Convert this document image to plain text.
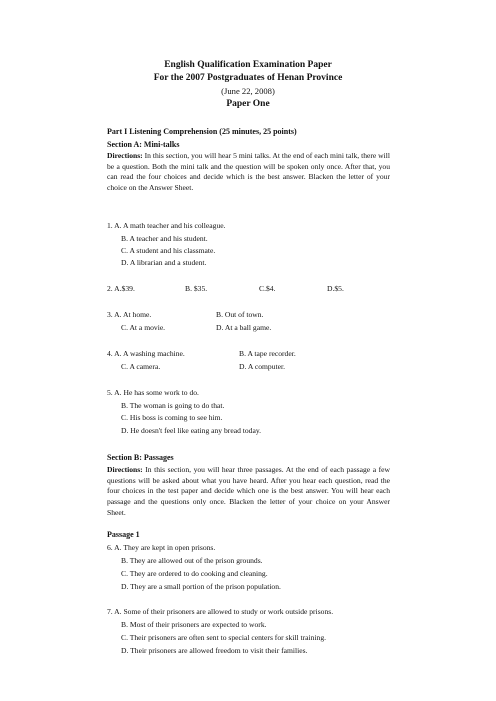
English Qualification Examination Paper
For the 2007 Postgraduates of Henan Province
(June 22, 2008)
Paper One
Part I Listening Comprehension (25 minutes, 25 points)
Section A: Mini-talks
Directions: In this section, you will hear 5 mini talks. At the end of each mini talk, there will be a question. Both the mini talk and the question will be spoken only once. After that, you can read the four choices and decide which is the best answer. Blacken the letter of your choice on the Answer Sheet.
1. A. A math teacher and his colleague.
B. A teacher and his student.
C. A student and his classmate.
D. A librarian and a student.
2. A.$39.	B. $35.	C.$4.	D.$5.
3. A. At home.	B. Out of town.
C. At a movie.	D. At a ball game.
4. A. A washing machine.	B. A tape recorder.
C. A camera.	D. A computer.
5. A. He has some work to do.
B. The woman is going to do that.
C. His boss is coming to see him.
D. He doesn't feel like eating any bread today.
Section B: Passages
Directions: In this section, you will hear three passages. At the end of each passage a few questions will be asked about what you have heard. After you hear each question, read the four choices in the test paper and decide which one is the best answer. You will hear each passage and the questions only once. Blacken the letter of your choice on your Answer Sheet.
Passage 1
6. A. They are kept in open prisons.
B. They are allowed out of the prison grounds.
C. They are ordered to do cooking and cleaning.
D. They are a small portion of the prison population.
7. A. Some of their prisoners are allowed to study or work outside prisons.
B. Most of their prisoners are expected to work.
C. Their prisoners are often sent to special centers for skill training.
D. Their prisoners are allowed freedom to visit their families.
